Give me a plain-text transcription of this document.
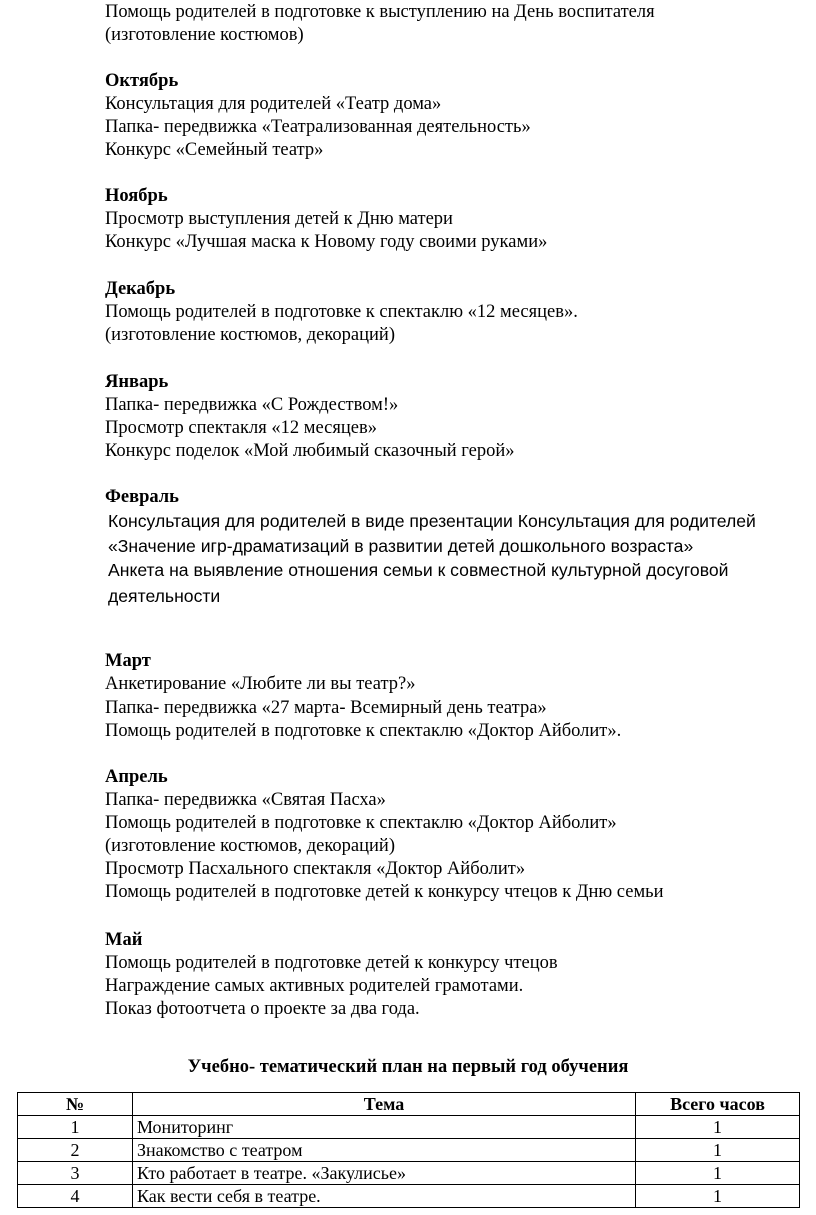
Помощь родителей в подготовке к выступлению на День воспитателя
(изготовление костюмов)
Октябрь
Консультация для родителей «Театр дома»
Папка- передвижка «Театрализованная деятельность»
Конкурс «Семейный театр»
Ноябрь
Просмотр выступления детей к Дню матери
Конкурс «Лучшая маска к Новому году своими руками»
Декабрь
Помощь родителей в подготовке к спектаклю «12 месяцев».
(изготовление костюмов, декораций)
Январь
Папка- передвижка «С Рождеством!»
Просмотр спектакля «12 месяцев»
Конкурс поделок «Мой любимый сказочный герой»
Февраль
Консультация для родителей в виде презентации Консультация для родителей
«Значение игр-драматизаций в развитии детей дошкольного возраста»
Анкета на выявление отношения семьи к совместной культурной досуговой
деятельности
Март
Анкетирование «Любите ли вы театр?»
Папка- передвижка «27 марта- Всемирный день театра»
Помощь родителей в подготовке к спектаклю «Доктор Айболит».
Апрель
Папка- передвижка «Святая Пасха»
Помощь родителей в подготовке к спектаклю «Доктор Айболит»
(изготовление костюмов, декораций)
Просмотр Пасхального спектакля «Доктор Айболит»
Помощь родителей в подготовке детей к конкурсу чтецов к Дню семьи
Май
Помощь родителей в подготовке детей к конкурсу чтецов
Награждение самых активных родителей грамотами.
Показ фотоотчета о проекте за два года.
Учебно- тематический план на первый год обучения
№	Тема	Всего часов
1	Мониторинг	1
2	Знакомство с театром	1
3	Кто работает в театре. «Закулисье»	1
4	Как вести себя в театре.	1
